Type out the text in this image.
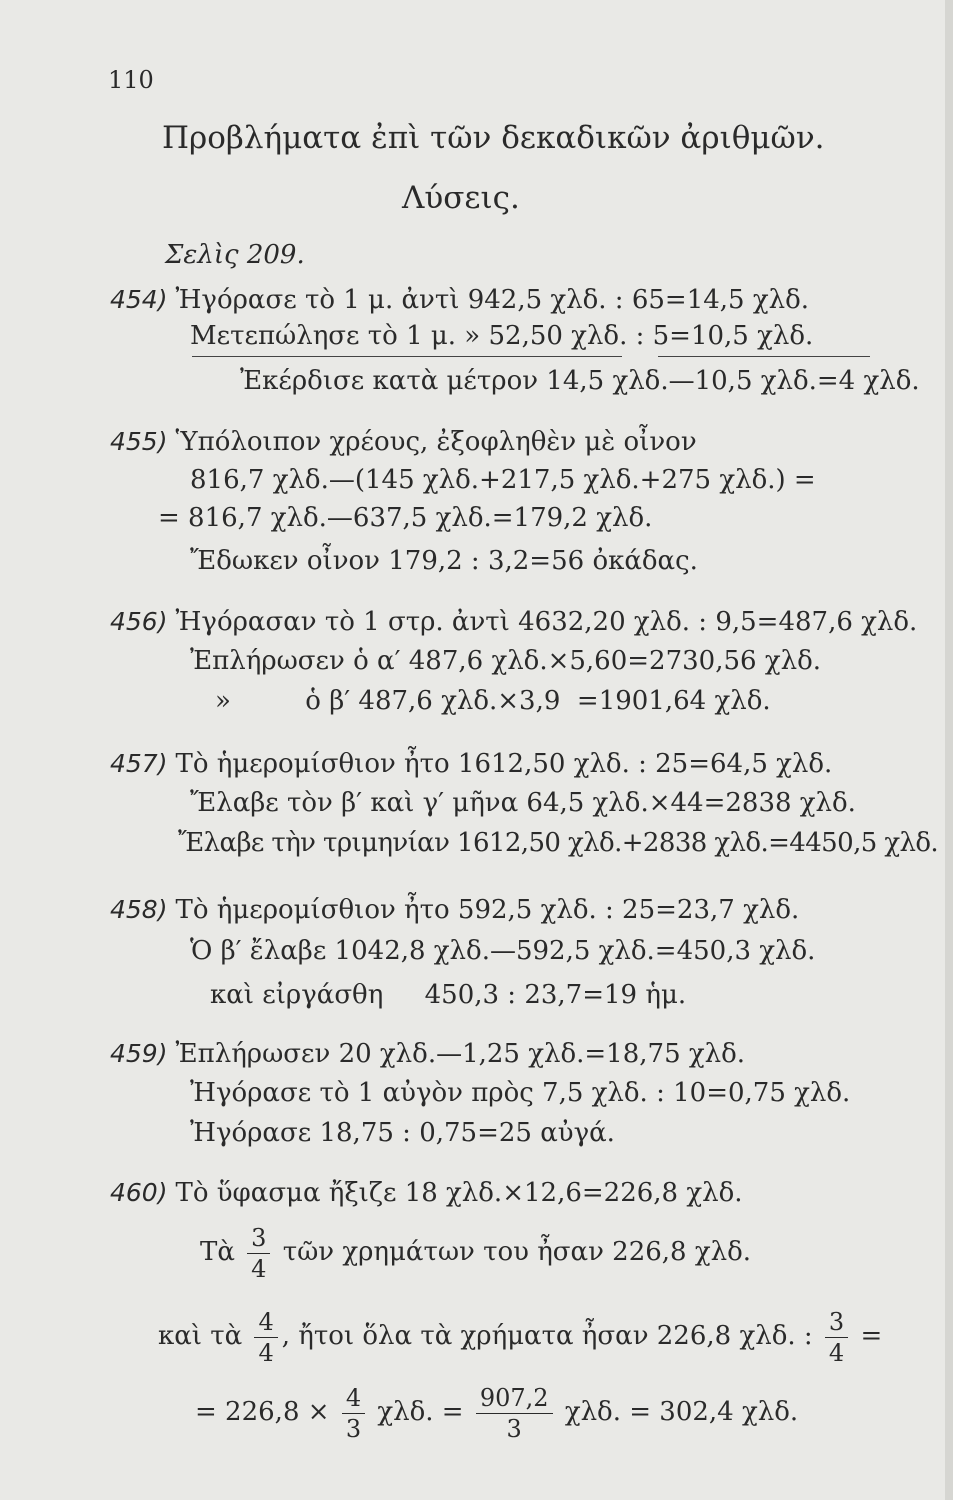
110
Προβλήματα ἐπὶ τῶν δεκαδικῶν ἀριθμῶν.
Λύσεις.
Σελὶς 209.
454) Ἠγόρασε τὸ 1 μ. ἀντὶ 942,5 χλδ. : 65=14,5 χλδ.
Μετεπώλησε τὸ 1 μ. » 52,50 χλδ. : 5=10,5 χλδ.
Ἐκέρδισε κατὰ μέτρον 14,5 χλδ.—10,5 χλδ.=4 χλδ.
455) Ὑπόλοιπον χρέους, ἐξοφληθὲν μὲ οἶνον
816,7 χλδ.—(145 χλδ.+217,5 χλδ.+275 χλδ.) =
= 816,7 χλδ.—637,5 χλδ.=179,2 χλδ.
Ἔδωκεν οἶνον 179,2 : 3,2=56 ὀκάδας.
456) Ἠγόρασαν τὸ 1 στρ. ἀντὶ 4632,20 χλδ. : 9,5=487,6 χλδ.
Ἐπλήρωσεν ὁ α′ 487,6 χλδ.×5,60=2730,56 χλδ.
»         ὁ β′ 487,6 χλδ.×3,9  =1901,64 χλδ.
457) Τὸ ἡμερομίσθιον ἦτο 1612,50 χλδ. : 25=64,5 χλδ.
Ἔλαβε τὸν β′ καὶ γ′ μῆνα 64,5 χλδ.×44=2838 χλδ.
Ἔλαβε τὴν τριμηνίαν 1612,50 χλδ.+2838 χλδ.=4450,5 χλδ.
458) Τὸ ἡμερομίσθιον ἦτο 592,5 χλδ. : 25=23,7 χλδ.
Ὁ β′ ἔλαβε 1042,8 χλδ.—592,5 χλδ.=450,3 χλδ.
καὶ εἰργάσθη     450,3 : 23,7=19 ἡμ.
459) Ἐπλήρωσεν 20 χλδ.—1,25 χλδ.=18,75 χλδ.
Ἠγόρασε τὸ 1 αὐγὸν πρὸς 7,5 χλδ. : 10=0,75 χλδ.
Ἠγόρασε 18,75 : 0,75=25 αὐγά.
460) Τὸ ὕφασμα ἤξιζε 18 χλδ.×12,6=226,8 χλδ.
Τὰ $\frac{3}{4}$ τῶν χρημάτων του ἦσαν 226,8 χλδ.
καὶ τὰ $\frac{4}{4}$ , ἤτοι ὅλα τὰ χρήματα ἦσαν 226,8 χλδ. : $\frac{3}{4}$ =
= $226,8 \times \frac{4}{3} \chi\lambda\delta$. = $\frac{907,2}{3} \chi\lambda\delta$. = 302,4 χλδ.
